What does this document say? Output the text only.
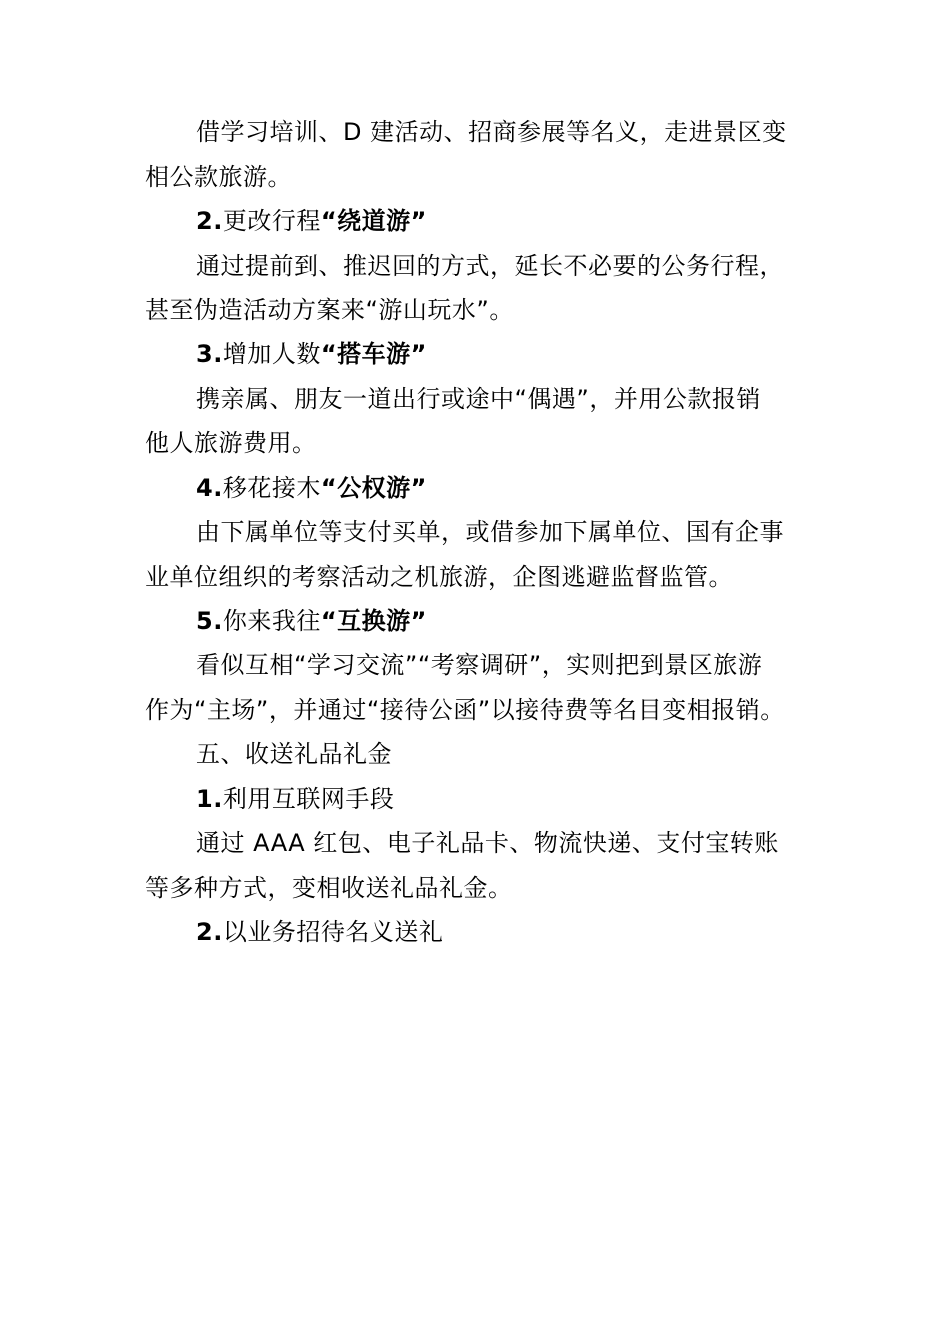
借学习培训、D 建活动、招商参展等名义，走进景区变
相公款旅游。
2.更改行程“绕道游”
通过提前到、推迟回的方式，延长不必要的公务行程，
甚至伪造活动方案来“游山玩水”。
3.增加人数“搭车游”
携亲属、朋友一道出行或途中“偶遇”，并用公款报销
他人旅游费用。
4.移花接木“公权游”
由下属单位等支付买单，或借参加下属单位、国有企事
业单位组织的考察活动之机旅游，企图逃避监督监管。
5.你来我往“互换游”
看似互相“学习交流”“考察调研”，实则把到景区旅游
作为“主场”，并通过“接待公函”以接待费等名目变相报销。
五、收送礼品礼金
1.利用互联网手段
通过 AAA 红包、电子礼品卡、物流快递、支付宝转账
等多种方式，变相收送礼品礼金。
2.以业务招待名义送礼
